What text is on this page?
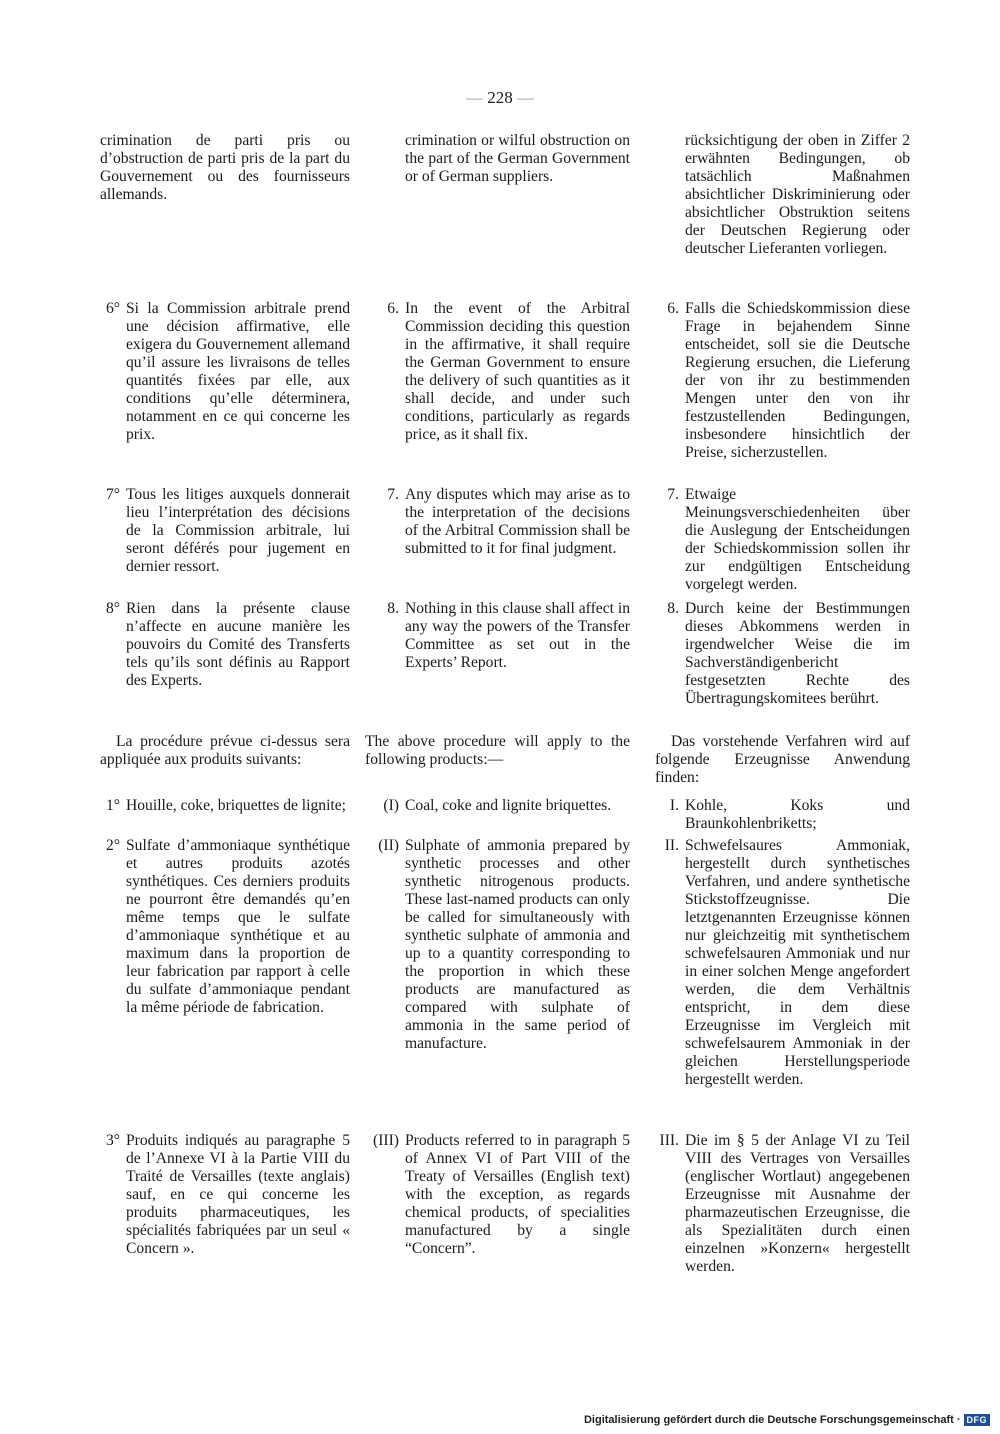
— 228 —

crimination de parti pris ou d’obstruction de parti pris de la part du Gouvernement ou des fournisseurs allemands.

6° Si la Commission arbitrale prend une décision affirmative, elle exigera du Gouvernement allemand qu’il assure les livraisons de telles quantités fixées par elle, aux conditions qu’elle déterminera, notamment en ce qui concerne les prix.
7° Tous les litiges auxquels donnerait lieu l’interprétation des décisions de la Commission arbitrale, lui seront déférés pour jugement en dernier ressort.
8° Rien dans la présente clause n’affecte en aucune manière les pouvoirs du Comité des Transferts tels qu’ils sont définis au Rapport des Experts.

La procédure prévue ci-dessus sera appliquée aux produits suivants:

1° Houille, coke, briquettes de lignite;
2° Sulfate d’ammoniaque synthétique et autres produits azotés synthétiques. Ces derniers produits ne pourront être demandés qu’en même temps que le sulfate d’ammoniaque synthétique et au maximum dans la proportion de leur fabrication par rapport à celle du sulfate d’ammoniaque pendant la même période de fabrication.
3° Produits indiqués au paragraphe 5 de l’Annexe VI à la Partie VIII du Traité de Versailles (texte anglais) sauf, en ce qui concerne les produits pharmaceutiques, les spécialités fabriquées par un seul « Concern ».

crimination or wilful obstruction on the part of the German Government or of German suppliers.

6. In the event of the Arbitral Commission deciding this question in the affirmative, it shall require the German Government to ensure the delivery of such quantities as it shall decide, and under such conditions, particularly as regards price, as it shall fix.
7. Any disputes which may arise as to the interpretation of the decisions of the Arbitral Commission shall be submitted to it for final judgment.
8. Nothing in this clause shall affect in any way the powers of the Transfer Committee as set out in the Experts’ Report.

The above procedure will apply to the following products:—

(I) Coal, coke and lignite briquettes.
(II) Sulphate of ammonia prepared by synthetic processes and other synthetic nitrogenous products. These last-named products can only be called for simultaneously with synthetic sulphate of ammonia and up to a quantity corresponding to the proportion in which these products are manufactured as compared with sulphate of ammonia in the same period of manufacture.
(III) Products referred to in paragraph 5 of Annex VI of Part VIII of the Treaty of Versailles (English text) with the exception, as regards chemical products, of specialities manufactured by a single “Concern”.

rücksichtigung der oben in Ziffer 2 erwähnten Bedingungen, ob tatsächlich Maßnahmen absichtlicher Diskriminierung oder absichtlicher Obstruktion seitens der Deutschen Regierung oder deutscher Lieferanten vorliegen.

6. Falls die Schiedskommission diese Frage in bejahendem Sinne entscheidet, soll sie die Deutsche Regierung ersuchen, die Lieferung der von ihr zu bestimmenden Mengen unter den von ihr festzustellenden Bedingungen, insbesondere hinsichtlich der Preise, sicherzustellen.
7. Etwaige Meinungsverschiedenheiten über die Auslegung der Entscheidungen der Schiedskommission sollen ihr zur endgültigen Entscheidung vorgelegt werden.
8. Durch keine der Bestimmungen dieses Abkommens werden in irgendwelcher Weise die im Sachverständigenbericht festgesetzten Rechte des Übertragungskomitees berührt.

Das vorstehende Verfahren wird auf folgende Erzeugnisse Anwendung finden:

I. Kohle, Koks und Braunkohlenbriketts;
II. Schwefelsaures Ammoniak, hergestellt durch synthetisches Verfahren, und andere synthetische Stickstoffzeugnisse. Die letztgenannten Erzeugnisse können nur gleichzeitig mit synthetischem schwefelsauren Ammoniak und nur in einer solchen Menge angefordert werden, die dem Verhältnis entspricht, in dem diese Erzeugnisse im Vergleich mit schwefelsaurem Ammoniak in der gleichen Herstellungsperiode hergestellt werden.
III. Die im § 5 der Anlage VI zu Teil VIII des Vertrages von Versailles (englischer Wortlaut) angegebenen Erzeugnisse mit Ausnahme der pharmazeutischen Erzeugnisse, die als Spezialitäten durch einen einzelnen »Konzern« hergestellt werden.
Digitalisierung gefördert durch die Deutsche Forschungsgemeinschaft · DFG
